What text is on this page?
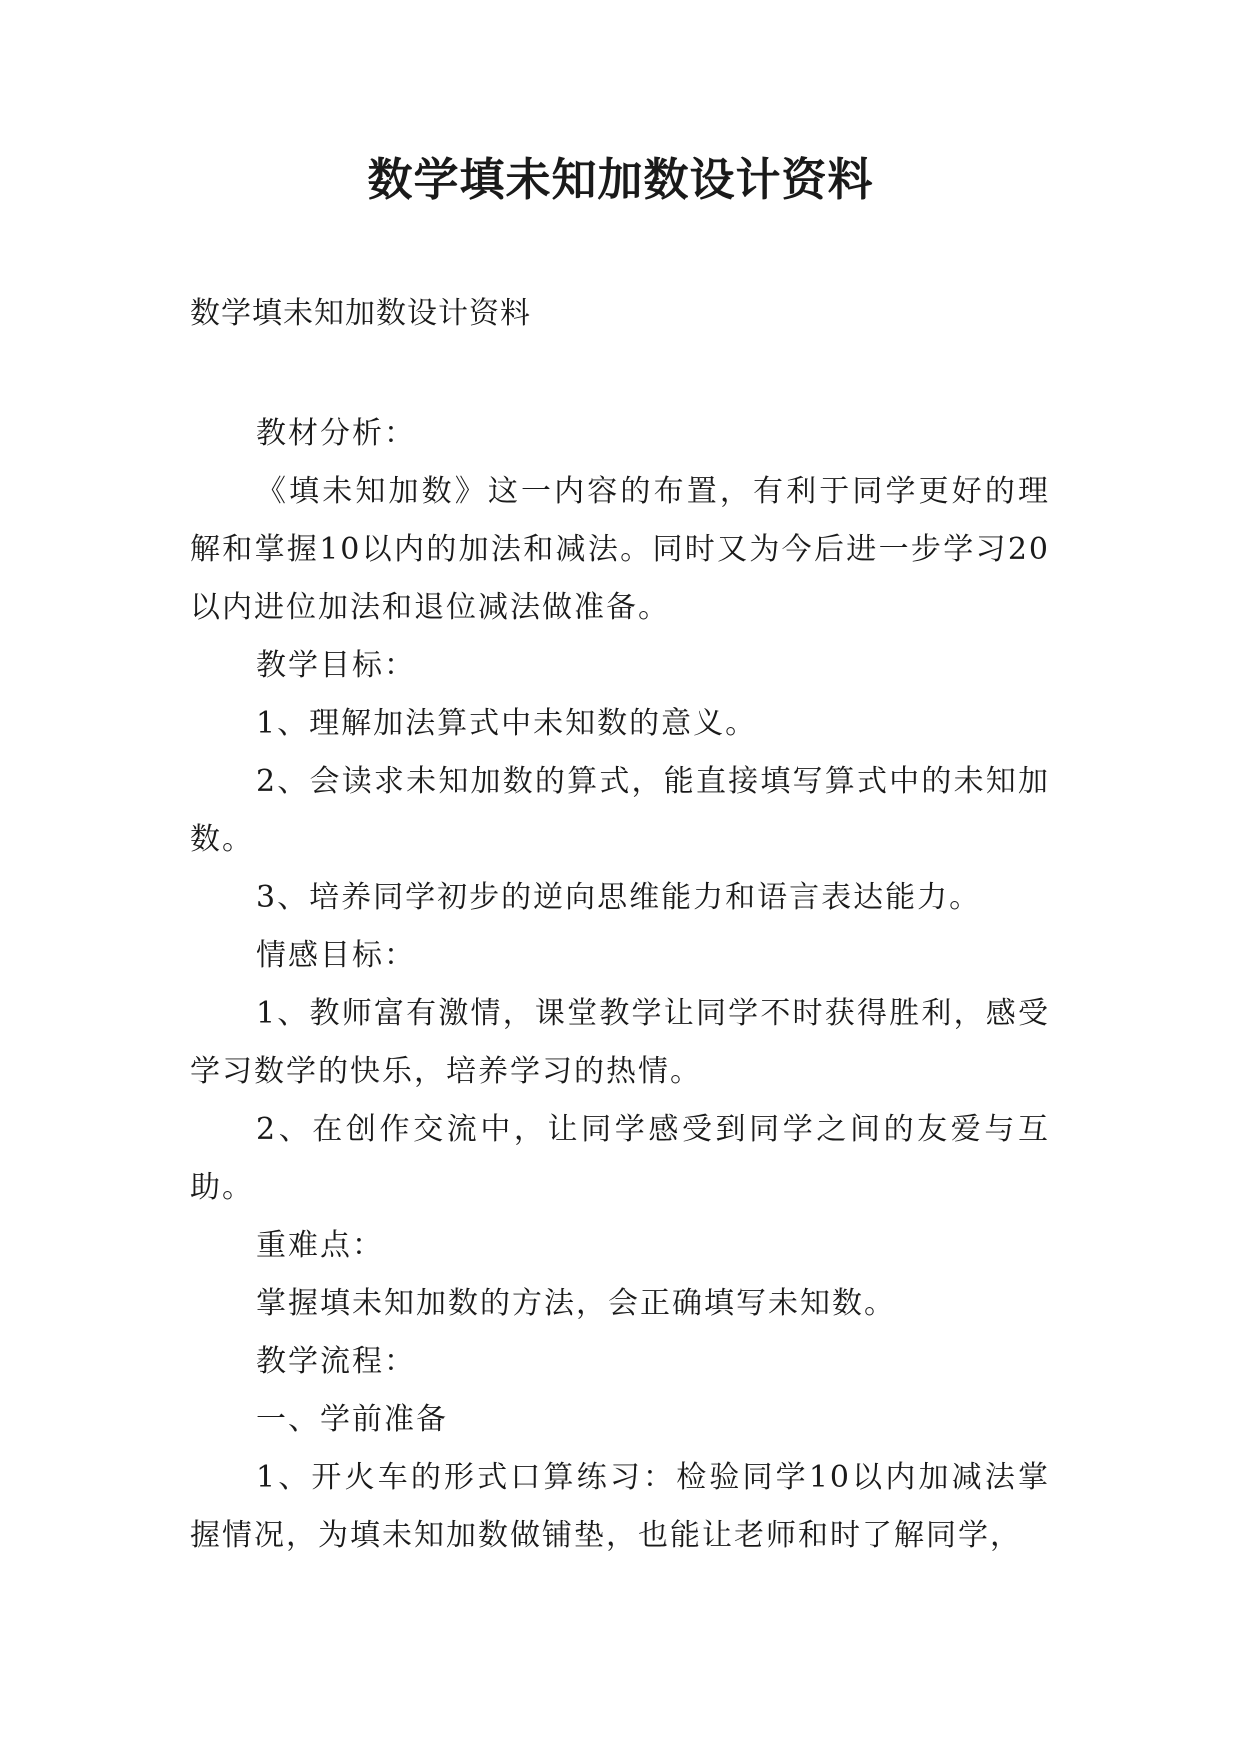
数学填未知加数设计资料

数学填未知加数设计资料

教材分析：

《填未知加数》这一内容的布置，有利于同学更好的理解和掌握10以内的加法和减法。同时又为今后进一步学习20以内进位加法和退位减法做准备。

教学目标：

1、理解加法算式中未知数的意义。

2、会读求未知加数的算式，能直接填写算式中的未知加数。

3、培养同学初步的逆向思维能力和语言表达能力。

情感目标：

1、教师富有激情，课堂教学让同学不时获得胜利，感受学习数学的快乐，培养学习的热情。

2、在创作交流中，让同学感受到同学之间的友爱与互助。

重难点：

掌握填未知加数的方法，会正确填写未知数。

教学流程：

一、学前准备

1、开火车的形式口算练习：检验同学10以内加减法掌握情况，为填未知加数做铺垫，也能让老师和时了解同学，
